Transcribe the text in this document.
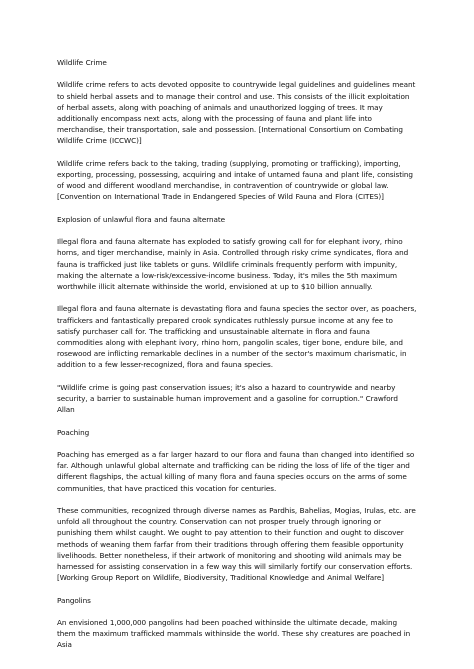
Wildlife Crime

Wildlife crime refers to acts devoted opposite to countrywide legal guidelines and guidelines meant to shield herbal assets and to manage their control and use. This consists of the illicit exploitation of herbal assets, along with poaching of animals and unauthorized logging of trees. It may additionally encompass next acts, along with the processing of fauna and plant life into merchandise, their transportation, sale and possession. [International Consortium on Combating Wildlife Crime (ICCWC)]

Wildlife crime refers back to the taking, trading (supplying, promoting or trafficking), importing, exporting, processing, possessing, acquiring and intake of untamed fauna and plant life, consisting of wood and different woodland merchandise, in contravention of countrywide or global law. [Convention on International Trade in Endangered Species of Wild Fauna and Flora (CITES)]

Explosion of unlawful flora and fauna alternate

Illegal flora and fauna alternate has exploded to satisfy growing call for for elephant ivory, rhino horns, and tiger merchandise, mainly in Asia. Controlled through risky crime syndicates, flora and fauna is trafficked just like tablets or guns. Wildlife criminals frequently perform with impunity, making the alternate a low-risk/excessive-income business. Today, it's miles the 5th maximum worthwhile illicit alternate withinside the world, envisioned at up to $10 billion annually.

Illegal flora and fauna alternate is devastating flora and fauna species the sector over, as poachers, traffickers and fantastically prepared crook syndicates ruthlessly pursue income at any fee to satisfy purchaser call for. The trafficking and unsustainable alternate in flora and fauna commodities along with elephant ivory, rhino horn, pangolin scales, tiger bone, endure bile, and rosewood are inflicting remarkable declines in a number of the sector's maximum charismatic, in addition to a few lesser-recognized, flora and fauna species.

"Wildlife crime is going past conservation issues; it's also a hazard to countrywide and nearby security, a barrier to sustainable human improvement and a gasoline for corruption." Crawford Allan

Poaching

Poaching has emerged as a far larger hazard to our flora and fauna than changed into identified so far. Although unlawful global alternate and trafficking can be riding the loss of life of the tiger and different flagships, the actual killing of many flora and fauna species occurs on the arms of some communities, that have practiced this vocation for centuries.

These communities, recognized through diverse names as Pardhis, Bahelias, Mogias, Irulas, etc. are unfold all throughout the country. Conservation can not prosper truely through ignoring or punishing them whilst caught. We ought to pay attention to their function and ought to discover methods of weaning them farfar from their traditions through offering them feasible opportunity livelihoods. Better nonetheless, if their artwork of monitoring and shooting wild animals may be harnessed for assisting conservation in a few way this will similarly fortify our conservation efforts. [Working Group Report on Wildlife, Biodiversity, Traditional Knowledge and Animal Welfare]

Pangolins

An envisioned 1,000,000 pangolins had been poached withinside the ultimate decade, making them the maximum trafficked mammals withinside the world. These shy creatures are poached in Asia
